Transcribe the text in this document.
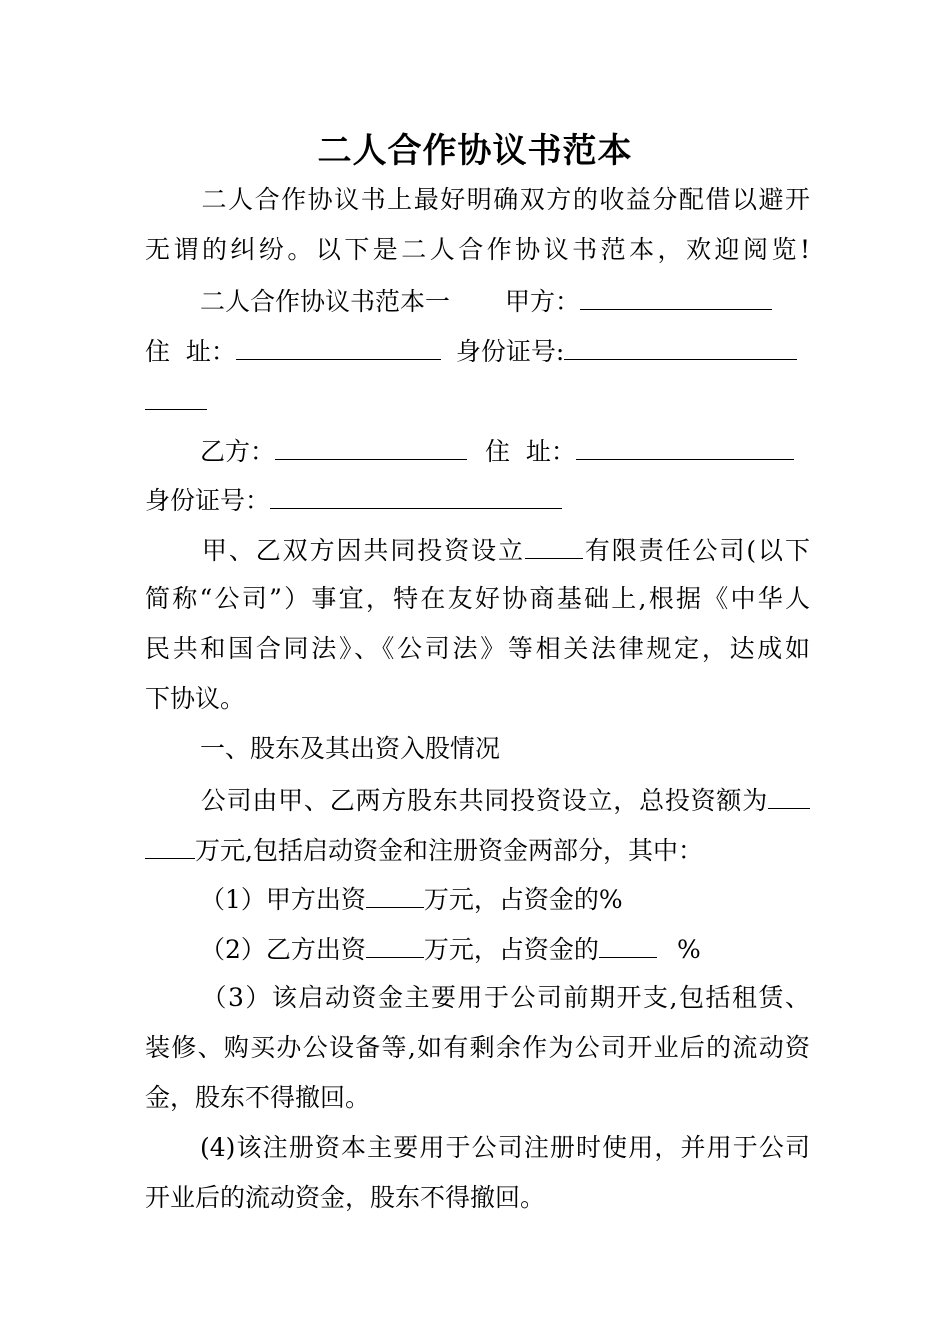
二人合作协议书范本
二人合作协议书上最好明确双方的收益分配借以避开
无谓的纠纷。以下是二人合作协议书范本，欢迎阅览!
二人合作协议书范本一 甲方：
住  址：	身份证号:
乙方：	住  址：
身份证号：
甲、乙双方因共同投资设立 有限责任公司(以下
简称“公司”）事宜，特在友好协商基础上,根据《中华人
民共和国合同法》、《公司法》等相关法律规定，达成如
下协议。
一、股东及其出资入股情况
公司由甲、乙两方股东共同投资设立，总投资额为
万元,包括启动资金和注册资金两部分，其中：
（1）甲方出资 万元，占资金的%
（2）乙方出资 万元，占资金的	%
（3）该启动资金主要用于公司前期开支,包括租赁、
装修、购买办公设备等,如有剩余作为公司开业后的流动资
金，股东不得撤回。
(4)该注册资本主要用于公司注册时使用，并用于公司
开业后的流动资金，股东不得撤回。
